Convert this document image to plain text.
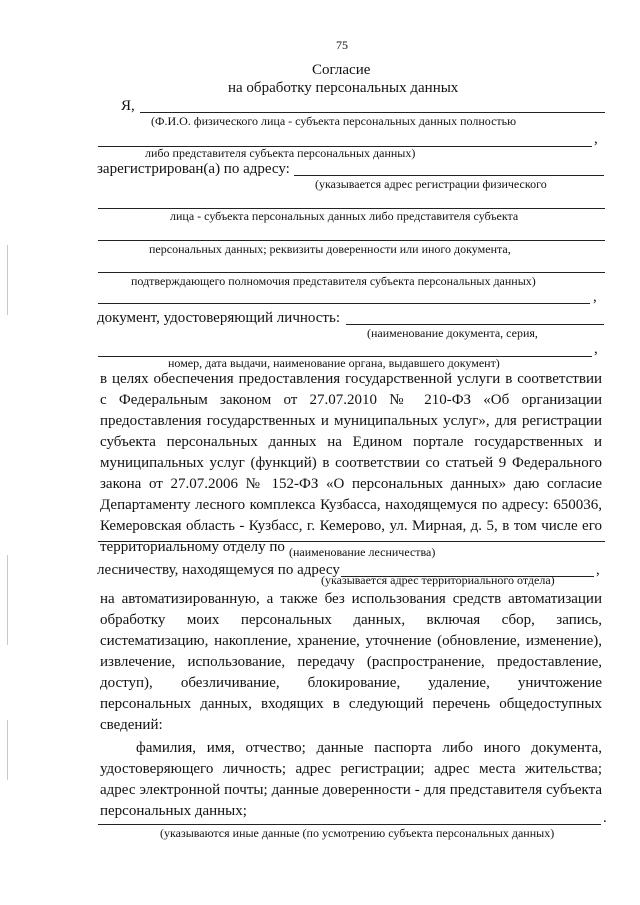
75
Согласие
на обработку персональных данных
Я,
(Ф.И.О. физического лица - субъекта персональных данных полностью
,
либо представителя субъекта персональных данных)
зарегистрирован(а) по адресу:
(указывается адрес регистрации физического
лица - субъекта персональных данных либо представителя субъекта
персональных данных; реквизиты доверенности или иного документа,
подтверждающего полномочия представителя субъекта персональных данных)
,
документ, удостоверяющий личность:
(наименование документа, серия,
,
номер, дата выдачи, наименование органа, выдавшего документ)
в целях обеспечения предоставления государственной услуги в соответствии
с Федеральным законом от 27.07.2010 № 210-ФЗ «Об организации
предоставления государственных и муниципальных услуг», для регистрации
субъекта персональных данных на Едином портале государственных и
муниципальных услуг (функций) в соответствии со статьей 9 Федерального
закона от 27.07.2006 № 152-ФЗ «О персональных данных» даю согласие
Департаменту лесного комплекса Кузбасса, находящемуся по адресу: 650036,
Кемеровская область - Кузбасс, г. Кемерово, ул. Мирная, д. 5, в том числе его
территориальному отделу по (наименование лесничества)
лесничеству, находящемуся по адресу	,
(указывается адрес территориального отдела)
на автоматизированную, а также без использования средств автоматизации
обработку моих персональных данных, включая сбор, запись,
систематизацию, накопление, хранение, уточнение (обновление, изменение),
извлечение, использование, передачу (распространение, предоставление,
доступ), обезличивание, блокирование, удаление, уничтожение
персональных данных, входящих в следующий перечень общедоступных
сведений:
фамилия, имя, отчество; данные паспорта либо иного документа,
удостоверяющего личность; адрес регистрации; адрес места жительства;
адрес электронной почты; данные доверенности - для представителя субъекта
персональных данных;	.
(указываются иные данные (по усмотрению субъекта персональных данных)
